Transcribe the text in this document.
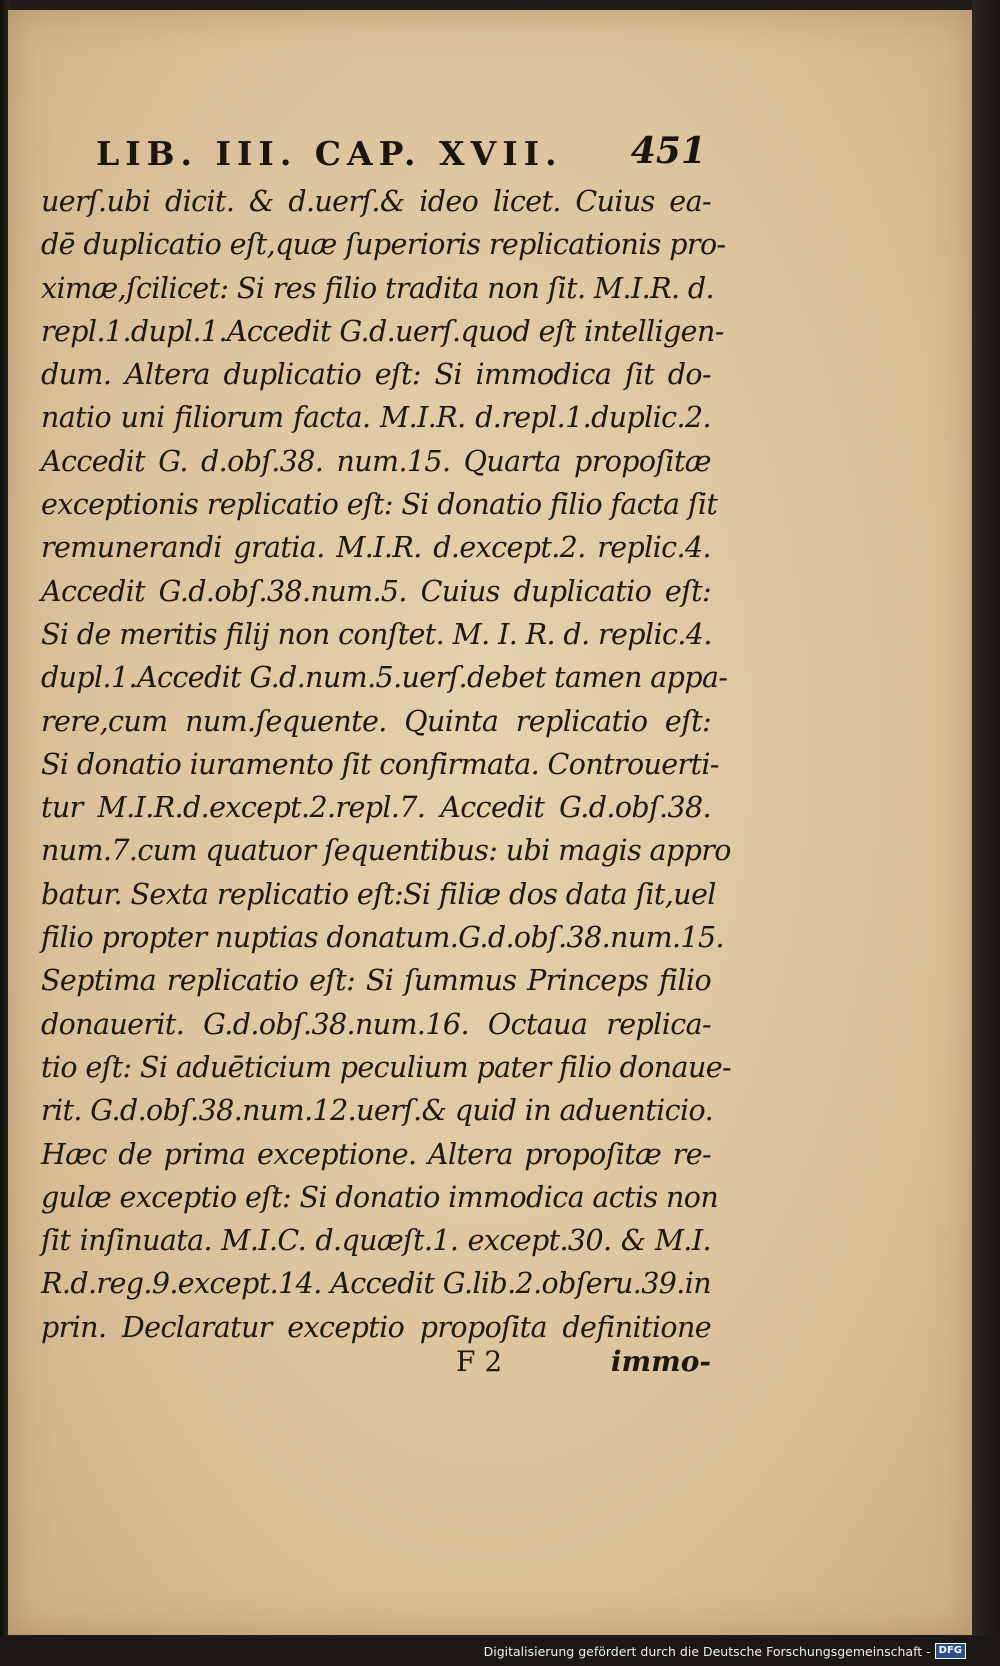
LIB. III. CAP. XVII. 451
uerſ.ubi dicit. & d.uerſ.& ideo licet. Cuius ea-
dē duplicatio eſt,quæ ſuperioris replicationis pro-
ximæ,ſcilicet: Si res filio tradita non ſit. M.I.R. d.
repl.1.dupl.1.Accedit G.d.uerſ.quod eſt intelligen-
dum. Altera duplicatio eſt: Si immodica ſit do-
natio uni filiorum facta. M.I.R. d.repl.1.duplic.2.
Accedit G. d.obſ.38. num.15. Quarta propoſitæ
exceptionis replicatio eſt: Si donatio filio facta ſit
remunerandi gratia. M.I.R. d.except.2. replic.4.
Accedit G.d.obſ.38.num.5. Cuius duplicatio eſt:
Si de meritis filij non conſtet. M. I. R. d. replic.4.
dupl.1.Accedit G.d.num.5.uerſ.debet tamen appa-
rere,cum num.ſequente. Quinta replicatio eſt:
Si donatio iuramento ſit confirmata. Controuerti-
tur M.I.R.d.except.2.repl.7. Accedit G.d.obſ.38.
num.7.cum quatuor ſequentibus: ubi magis appro
batur. Sexta replicatio eſt:Si filiæ dos data ſit,uel
filio propter nuptias donatum.G.d.obſ.38.num.15.
Septima replicatio eſt: Si ſummus Princeps filio
donauerit. G.d.obſ.38.num.16. Octaua replica-
tio eſt: Si aduēticium peculium pater filio donaue-
rit. G.d.obſ.38.num.12.uerſ.& quid in aduenticio.
Hæc de prima exceptione. Altera propoſitæ re-
gulæ exceptio eſt: Si donatio immodica actis non
ſit inſinuata. M.I.C. d.quæſt.1. except.30. & M.I.
R.d.reg.9.except.14. Accedit G.lib.2.obſeru.39.in
prin. Declaratur exceptio propoſita definitione
F 2	immo-
Digitalisierung gefördert durch die Deutsche Forschungsgemeinschaft - DFG
